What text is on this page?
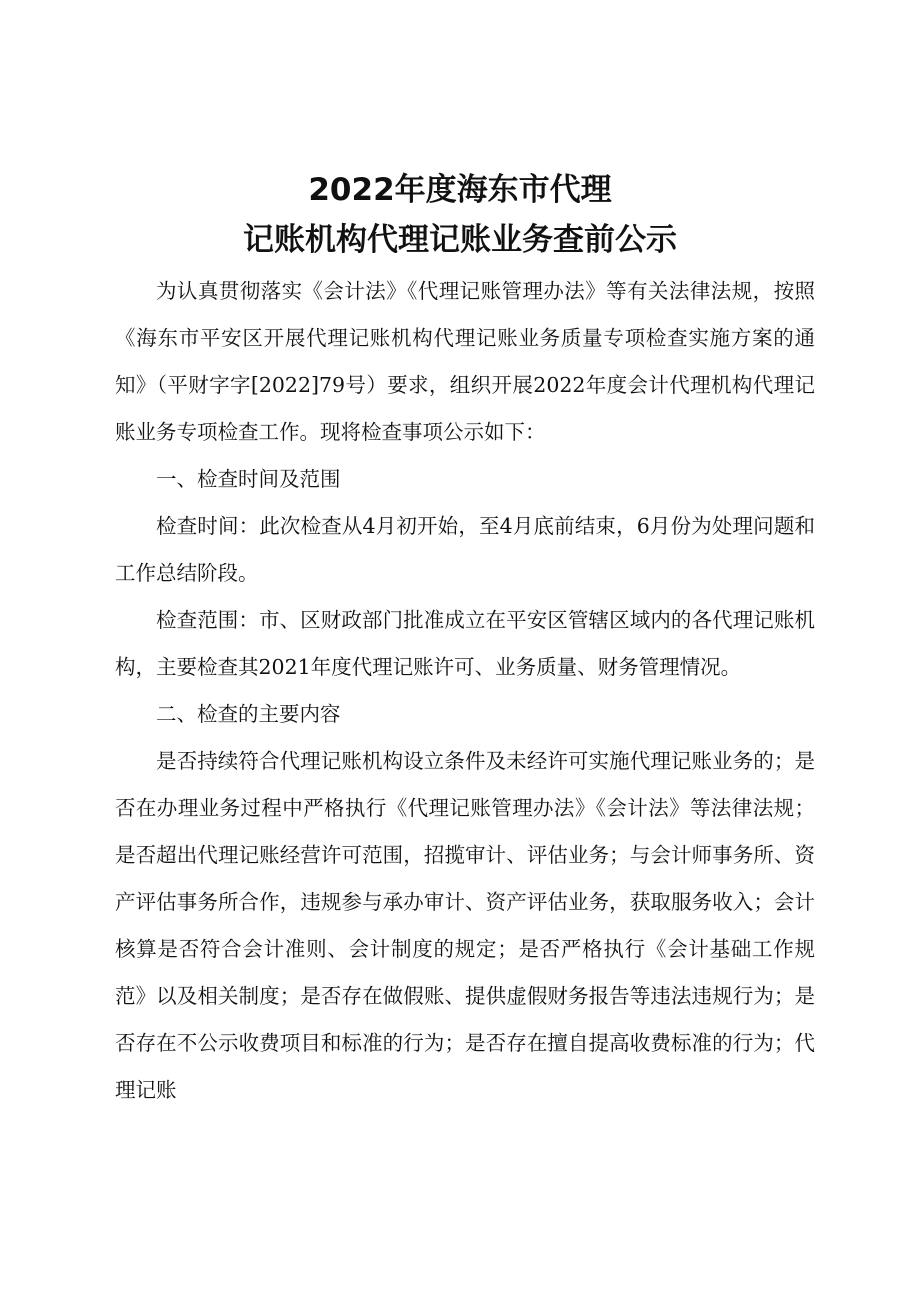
2022年度海东市代理
记账机构代理记账业务查前公示

为认真贯彻落实《会计法》《代理记账管理办法》等有关法律法规，按照《海东市平安区开展代理记账机构代理记账业务质量专项检查实施方案的通知》（平财字字[2022]79号）要求，组织开展2022年度会计代理机构代理记账业务专项检查工作。现将检查事项公示如下：

一、检查时间及范围

检查时间：此次检查从4月初开始，至4月底前结束，6月份为处理问题和工作总结阶段。

检查范围：市、区财政部门批准成立在平安区管辖区域内的各代理记账机构，主要检查其2021年度代理记账许可、业务质量、财务管理情况。

二、检查的主要内容

是否持续符合代理记账机构设立条件及未经许可实施代理记账业务的；是否在办理业务过程中严格执行《代理记账管理办法》《会计法》等法律法规；是否超出代理记账经营许可范围，招揽审计、评估业务；与会计师事务所、资产评估事务所合作，违规参与承办审计、资产评估业务，获取服务收入；会计核算是否符合会计准则、会计制度的规定；是否严格执行《会计基础工作规范》以及相关制度；是否存在做假账、提供虚假财务报告等违法违规行为；是否存在不公示收费项目和标准的行为；是否存在擅自提高收费标准的行为；代理记账
